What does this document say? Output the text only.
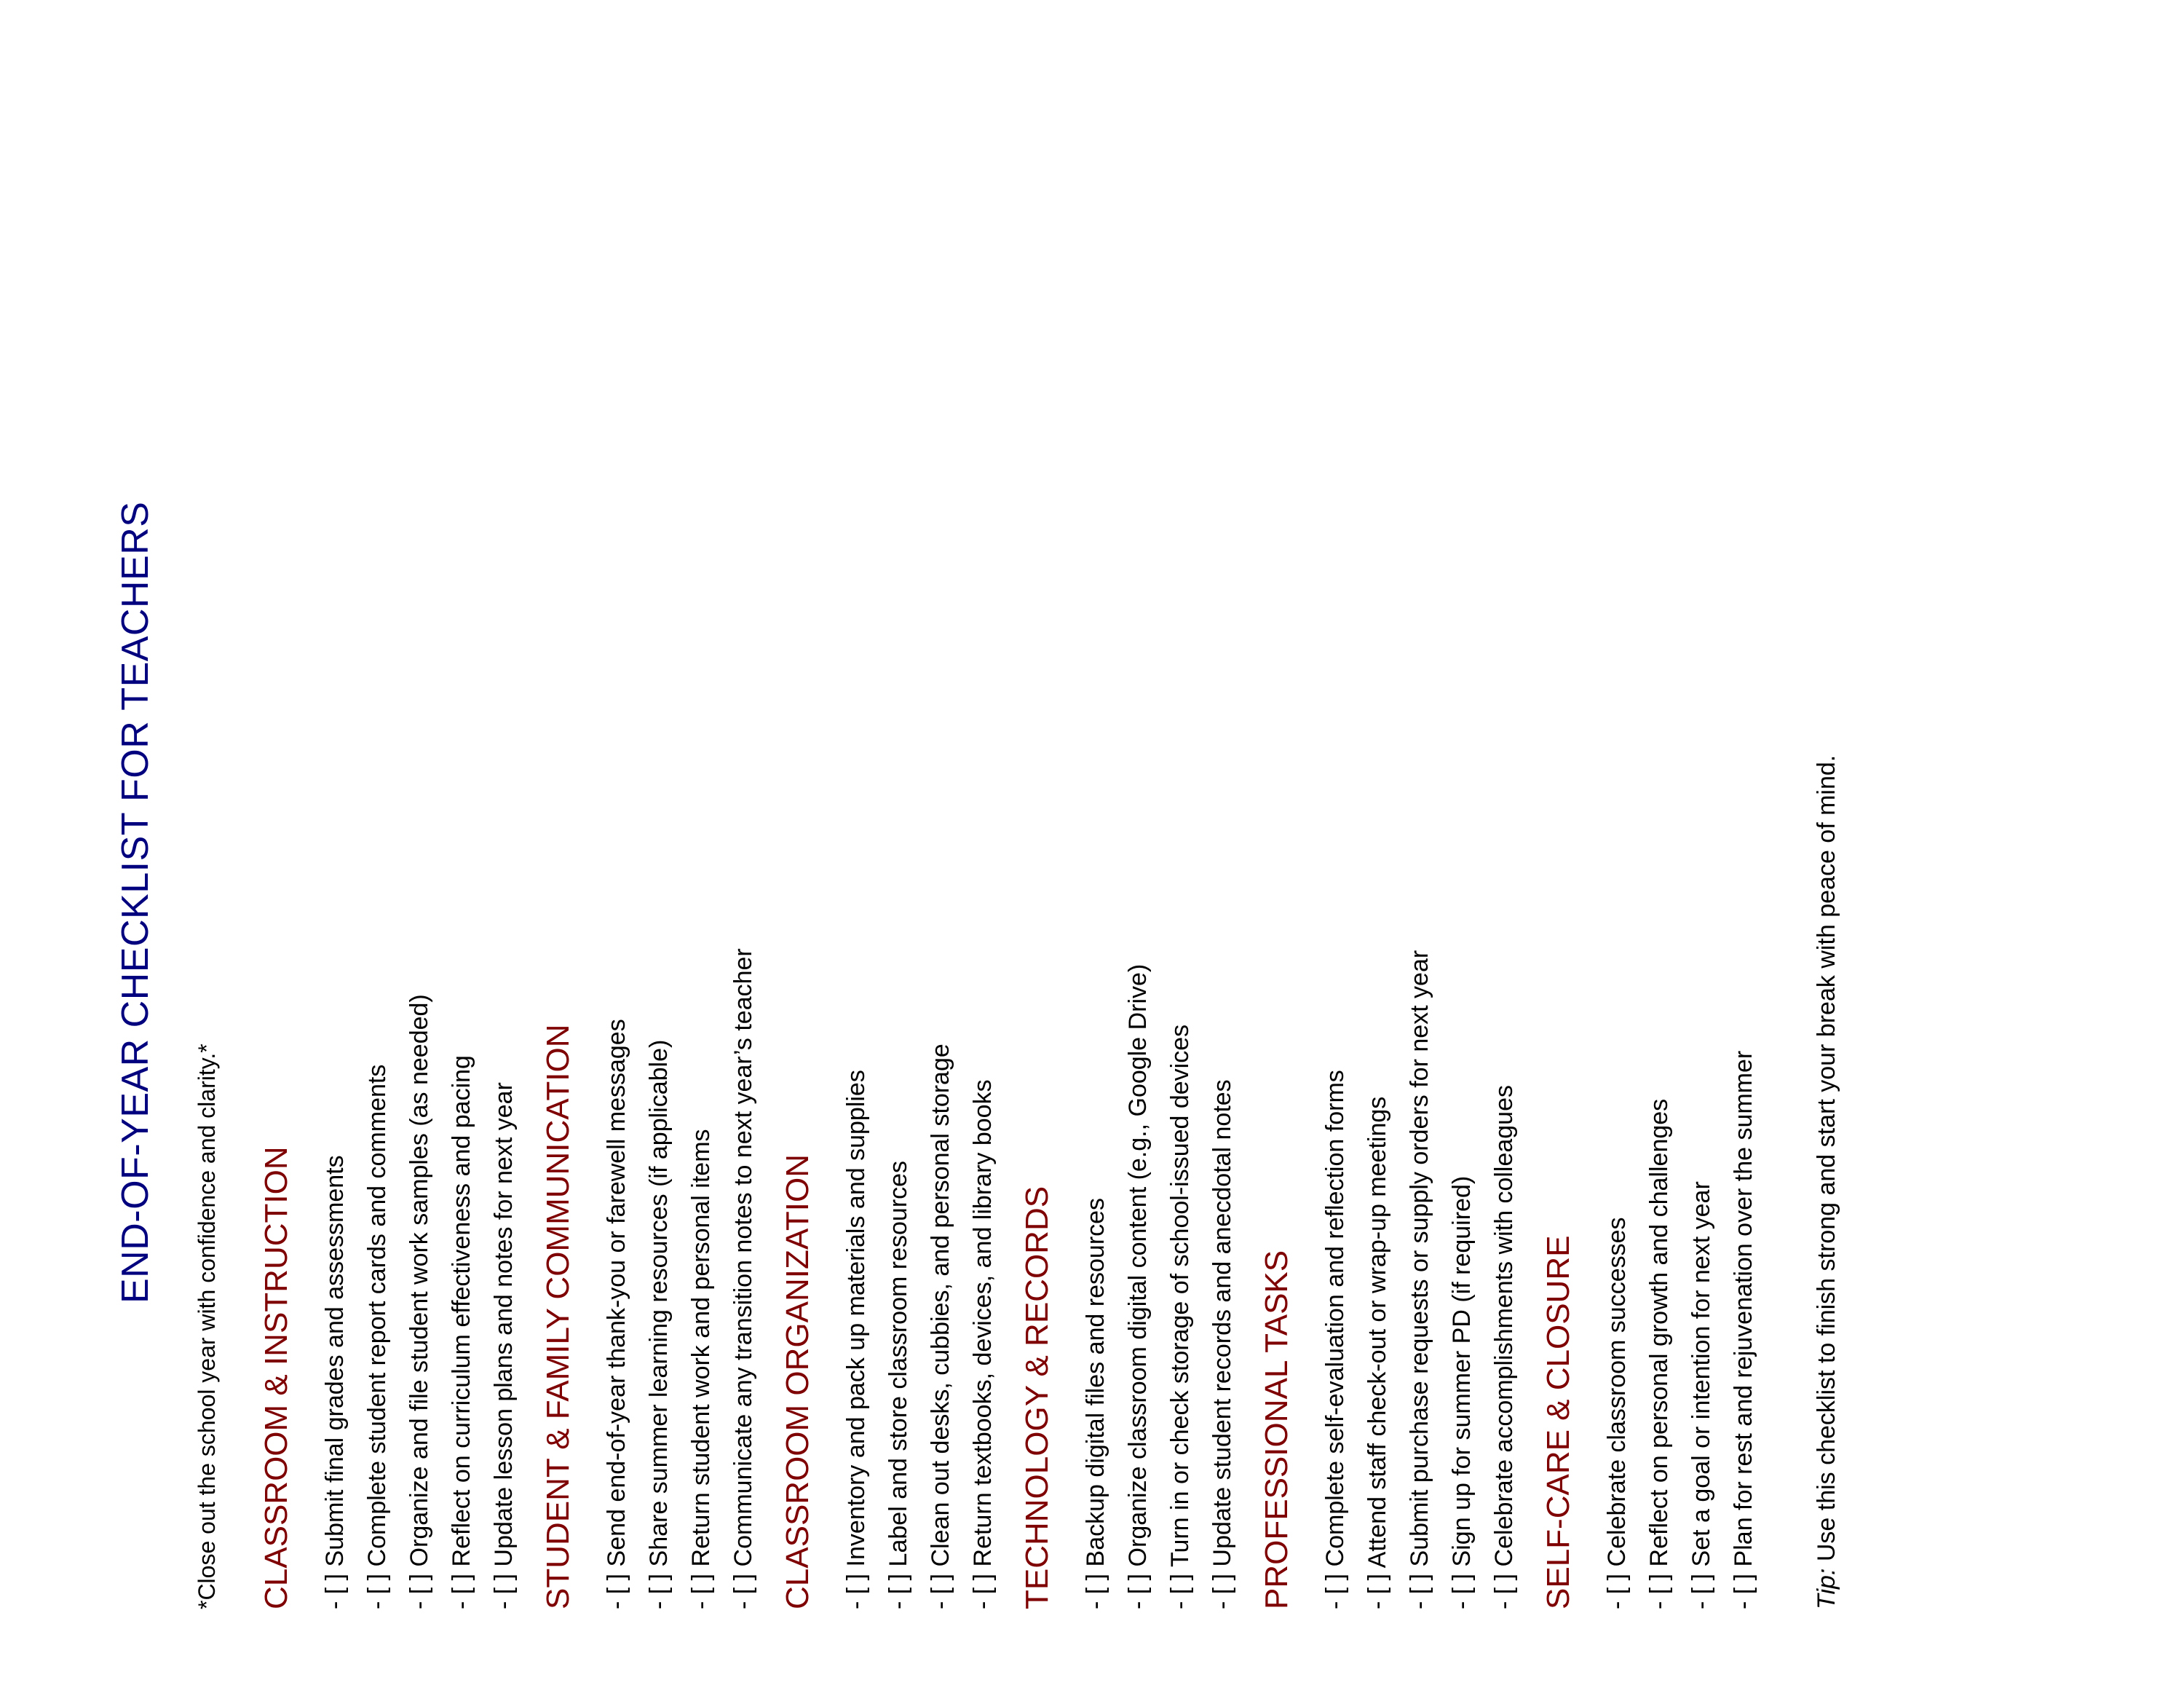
END-OF-YEAR CHECKLIST FOR TEACHERS
*Close out the school year with confidence and clarity.* CLASSROOM & INSTRUCTION - [ ] Submit final grades and assessments - [ ] Complete student report cards and comments - [ ] Organize and file student work samples (as needed) - [ ] Reflect on curriculum effectiveness and pacing - [ ] Update lesson plans and notes for next year STUDENT & FAMILY COMMUNICATION - [ ] Send end-of-year thank-you or farewell messages - [ ] Share summer learning resources (if applicable) - [ ] Return student work and personal items - [ ] Communicate any transition notes to next year’s teacher CLASSROOM ORGANIZATION - [ ] Inventory and pack up materials and supplies - [ ] Label and store classroom resources - [ ] Clean out desks, cubbies, and personal storage - [ ] Return textbooks, devices, and library books TECHNOLOGY & RECORDS - [ ] Backup digital files and resources - [ ] Organize classroom digital content (e.g., Google Drive) - [ ] Turn in or check storage of school-issued devices - [ ] Update student records and anecdotal notes PROFESSIONAL TASKS - [ ] Complete self-evaluation and reflection forms - [ ] Attend staff check-out or wrap-up meetings - [ ] Submit purchase requests or supply orders for next year - [ ] Sign up for summer PD (if required) - [ ] Celebrate accomplishments with colleagues SELF-CARE & CLOSURE - [ ] Celebrate classroom successes - [ ] Reflect on personal growth and challenges - [ ] Set a goal or intention for next year - [ ] Plan for rest and rejuvenation over the summer Tip: Use this checklist to finish strong and start your break with peace of mind.
